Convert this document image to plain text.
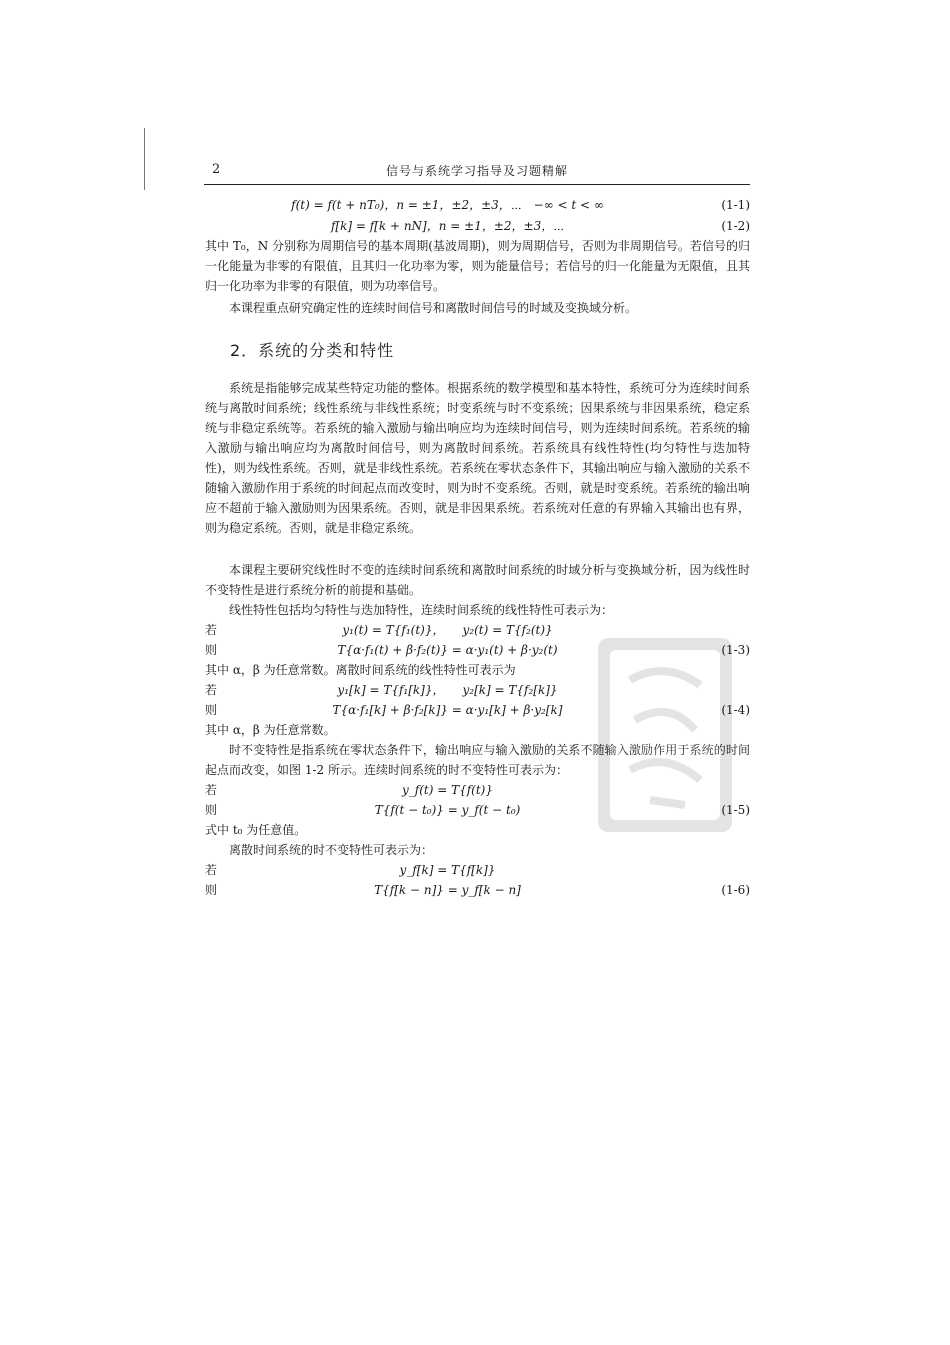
2	信号与系统学习指导及习题精解
f(t) = f(t + nT₀)，n = ±1，±2，±3，⋯　−∞ < t < ∞	(1-1)
f[k] = f[k + nN]，n = ±1，±2，±3，⋯	(1-2)
其中 T₀，N 分别称为周期信号的基本周期(基波周期)，则为周期信号，否则为非周期信号。若信号的归一化能量为非零的有限值，且其归一化功率为零，则为能量信号；若信号的归一化能量为无限值，且其归一化功率为非零的有限值，则为功率信号。
本课程重点研究确定性的连续时间信号和离散时间信号的时域及变换域分析。
2．系统的分类和特性
系统是指能够完成某些特定功能的整体。根据系统的数学模型和基本特性，系统可分为连续时间系统与离散时间系统；线性系统与非线性系统；时变系统与时不变系统；因果系统与非因果系统，稳定系统与非稳定系统等。若系统的输入激励与输出响应均为连续时间信号，则为连续时间系统。若系统的输入激励与输出响应均为离散时间信号，则为离散时间系统。若系统具有线性特性(均匀特性与迭加特性)，则为线性系统。否则，就是非线性系统。若系统在零状态条件下，其输出响应与输入激励的关系不随输入激励作用于系统的时间起点而改变时，则为时不变系统。否则，就是时变系统。若系统的输出响应不超前于输入激励则为因果系统。否则，就是非因果系统。若系统对任意的有界输入其输出也有界，则为稳定系统。否则，就是非稳定系统。
本课程主要研究线性时不变的连续时间系统和离散时间系统的时域分析与变换域分析，因为线性时不变特性是进行系统分析的前提和基础。
线性特性包括均匀特性与迭加特性，连续时间系统的线性特性可表示为：
若	y₁(t) = T{f₁(t)}，　　y₂(t) = T{f₂(t)}
则	T{α·f₁(t) + β·f₂(t)} = α·y₁(t) + β·y₂(t)	(1-3)
其中 α，β 为任意常数。离散时间系统的线性特性可表示为
若	y₁[k] = T{f₁[k]}，　　y₂[k] = T{f₂[k]}
则	T{α·f₁[k] + β·f₂[k]} = α·y₁[k] + β·y₂[k]	(1-4)
其中 α，β 为任意常数。
时不变特性是指系统在零状态条件下，输出响应与输入激励的关系不随输入激励作用于系统的时间起点而改变，如图 1-2 所示。连续时间系统的时不变特性可表示为：
若	y_f(t) = T{f(t)}
则	T{f(t − t₀)} = y_f(t − t₀)	(1-5)
式中 t₀ 为任意值。
离散时间系统的时不变特性可表示为：
若	y_f[k] = T{f[k]}
则	T{f[k − n]} = y_f[k − n]	(1-6)
